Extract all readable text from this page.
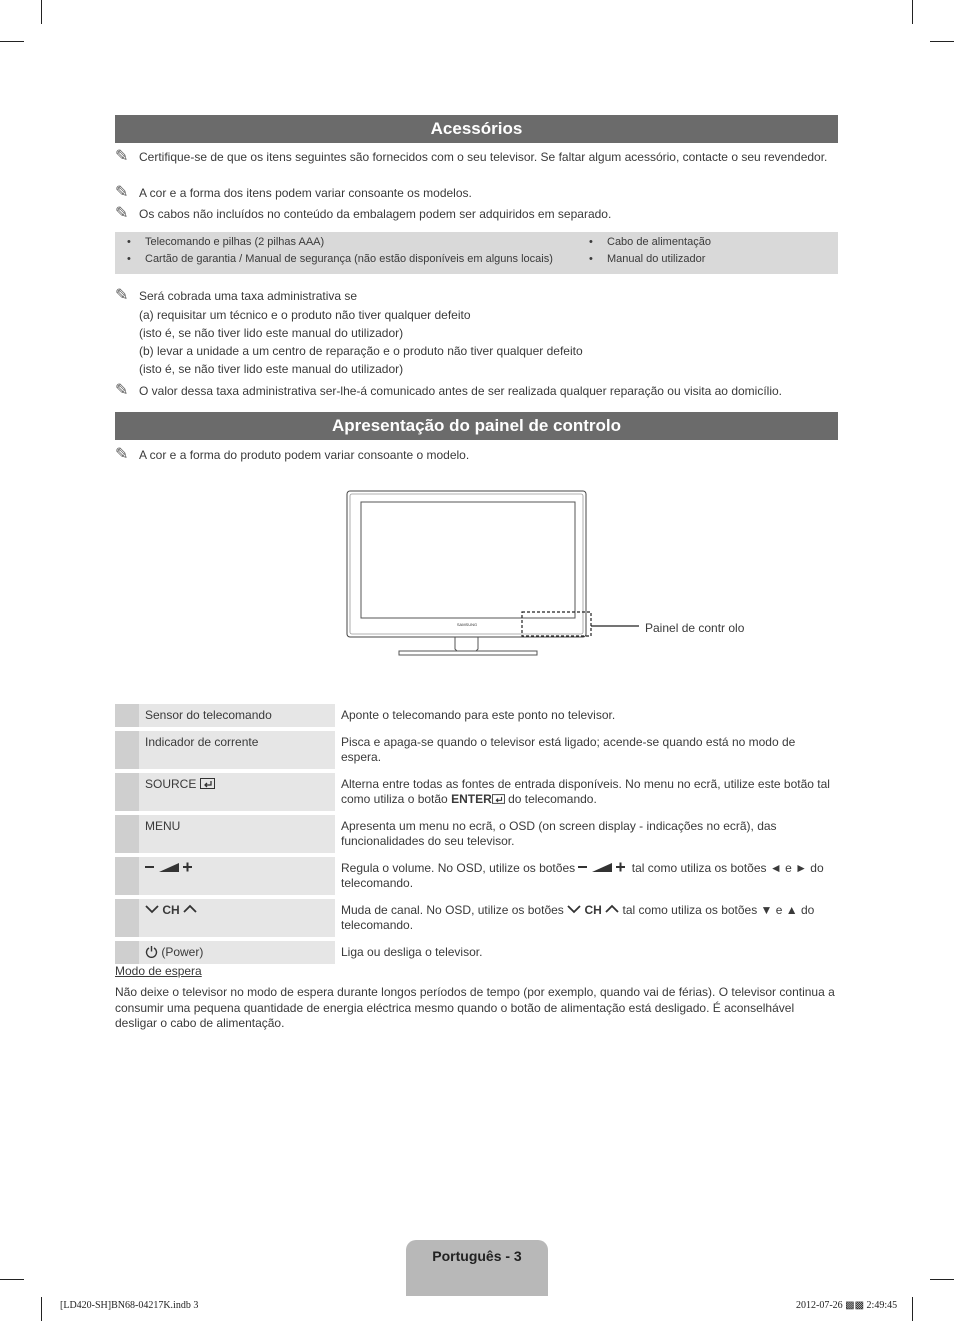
Acessórios
✎ Certifique-se de que os itens seguintes são fornecidos com o seu televisor. Se faltar algum acessório, contacte o seu revendedor.
✎ A cor e a forma dos itens podem variar consoante os modelos.
✎ Os cabos não incluídos no conteúdo da embalagem podem ser adquiridos em separado.
• Telecomando e pilhas (2 pilhas AAA)
• Cartão de garantia / Manual de segurança (não estão disponíveis em alguns locais)
• Cabo de alimentação
• Manual do utilizador
✎ Será cobrada uma taxa administrativa se
(a) requisitar um técnico e o produto não tiver qualquer defeito
(isto é, se não tiver lido este manual do utilizador)
(b) levar a unidade a um centro de reparação e o produto não tiver qualquer defeito
(isto é, se não tiver lido este manual do utilizador)
✎ O valor dessa taxa administrativa ser-lhe-á comunicado antes de ser realizada qualquer reparação ou visita ao domicílio.
Apresentação do painel de controlo
✎ A cor e a forma do produto podem variar consoante o modelo.
SAMSUNG	Painel de contr olo
	Sensor do telecomando	Aponte o telecomando para este ponto no televisor.
	Indicador de corrente	Pisca e apaga-se quando o televisor está ligado; acende-se quando está no modo de espera.
	SOURCE	Alterna entre todas as fontes de entrada disponíveis. No menu no ecrã, utilize este botão tal como utiliza o botão ENTER do telecomando.
	MENU	Apresenta um menu no ecrã, o OSD (on screen display - indicações no ecrã), das funcionalidades do seu televisor.
		Regula o volume. No OSD, utilize os botões tal como utiliza os botões ◄ e ► do telecomando.
	CH	Muda de canal. No OSD, utilize os botões  CH  tal como utiliza os botões ▼ e ▲ do telecomando.
	(Power)	Liga ou desliga o televisor.
Modo de espera
Não deixe o televisor no modo de espera durante longos períodos de tempo (por exemplo, quando vai de férias). O televisor continua a consumir uma pequena quantidade de energia eléctrica mesmo quando o botão de alimentação está desligado. É aconselhável desligar o cabo de alimentação.
Português - 3
[LD420-SH]BN68-04217K.indb 3	2012-07-26 ▩▩ 2:49:45
